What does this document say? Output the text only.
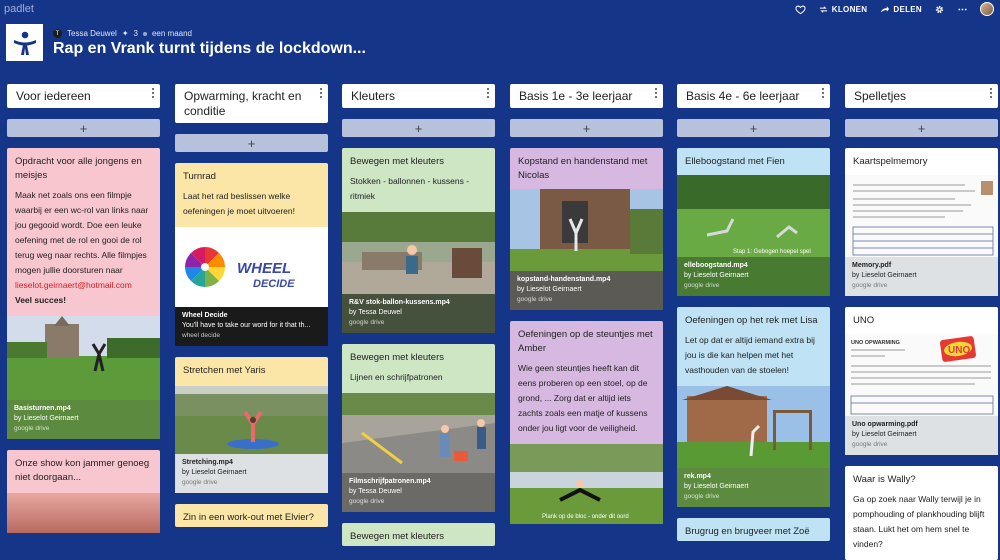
padlet	KLONEN	DELEN
T Tessa Deuwel ✦ 3 een maand
Rap en Vrank turnt tijdens de lockdown...
Voor iedereen
+
Opdracht voor alle jongens en meisjes
Maak net zoals ons een filmpje waarbij er een wc-rol van links naar jou gegooid wordt. Doe een leuke oefening met de rol en gooi de rol terug weg naar rechts. Alle filmpjes mogen jullie doorsturen naar
lieselot.geirnaert@hotmail.com
Veel succes!
Basisturnen.mp4
by Lieselot Geirnaert
google drive
Onze show kon jammer genoeg niet doorgaan...
Opwarming, kracht en conditie
+
Turnrad
Laat het rad beslissen welke oefeningen je moet uitvoeren!
WHEEL
DECIDE
Wheel Decide
You'll have to take our word for it that th...
wheel decide
Stretchen met Yaris
Stretching.mp4
by Lieselot Geirnaert
google drive
Zin in een work-out met Elvier?
Kleuters
+
Bewegen met kleuters
Stokken - ballonnen - kussens - ritmiek
R&V stok-ballon-kussens.mp4
by Tessa Deuwel
google drive
Bewegen met kleuters
Lijnen en schrijfpatronen
Filmschrijfpatronen.mp4
by Tessa Deuwel
google drive
Bewegen met kleuters
Basis 1e - 3e leerjaar
+
Kopstand en handenstand met Nicolas
kopstand-handenstand.mp4
by Lieselot Geirnaert
google drive
Oefeningen op de steuntjes met Amber
Wie geen steuntjes heeft kan dit eens proberen op een stoel, op de grond, ... Zorg dat er altijd iets zachts zoals een matje of kussens onder jou ligt voor de veiligheid.
Plank op de bloc - onder dit oord
Basis 4e - 6e leerjaar
+
Elleboogstand met Fien
Stap 1: Gebogen hoepel spel
elleboogstand.mp4
by Lieselot Geirnaert
google drive
Oefeningen op het rek met Lisa
Let op dat er altijd iemand extra bij jou is die kan helpen met het vasthouden van de stoelen!
rek.mp4
by Lieselot Geirnaert
google drive
Brugrug en brugveer met Zoë
Spelletjes
+
Kaartspelmemory
Memory.pdf
by Lieselot Geirnaert
google drive
UNO
UNO OPWARMING
UNO
Uno opwarming.pdf
by Lieselot Geirnaert
google drive
Waar is Wally?
Ga op zoek naar Wally terwijl je in pomphouding of plankhouding blijft staan. Lukt het om hem snel te vinden?
